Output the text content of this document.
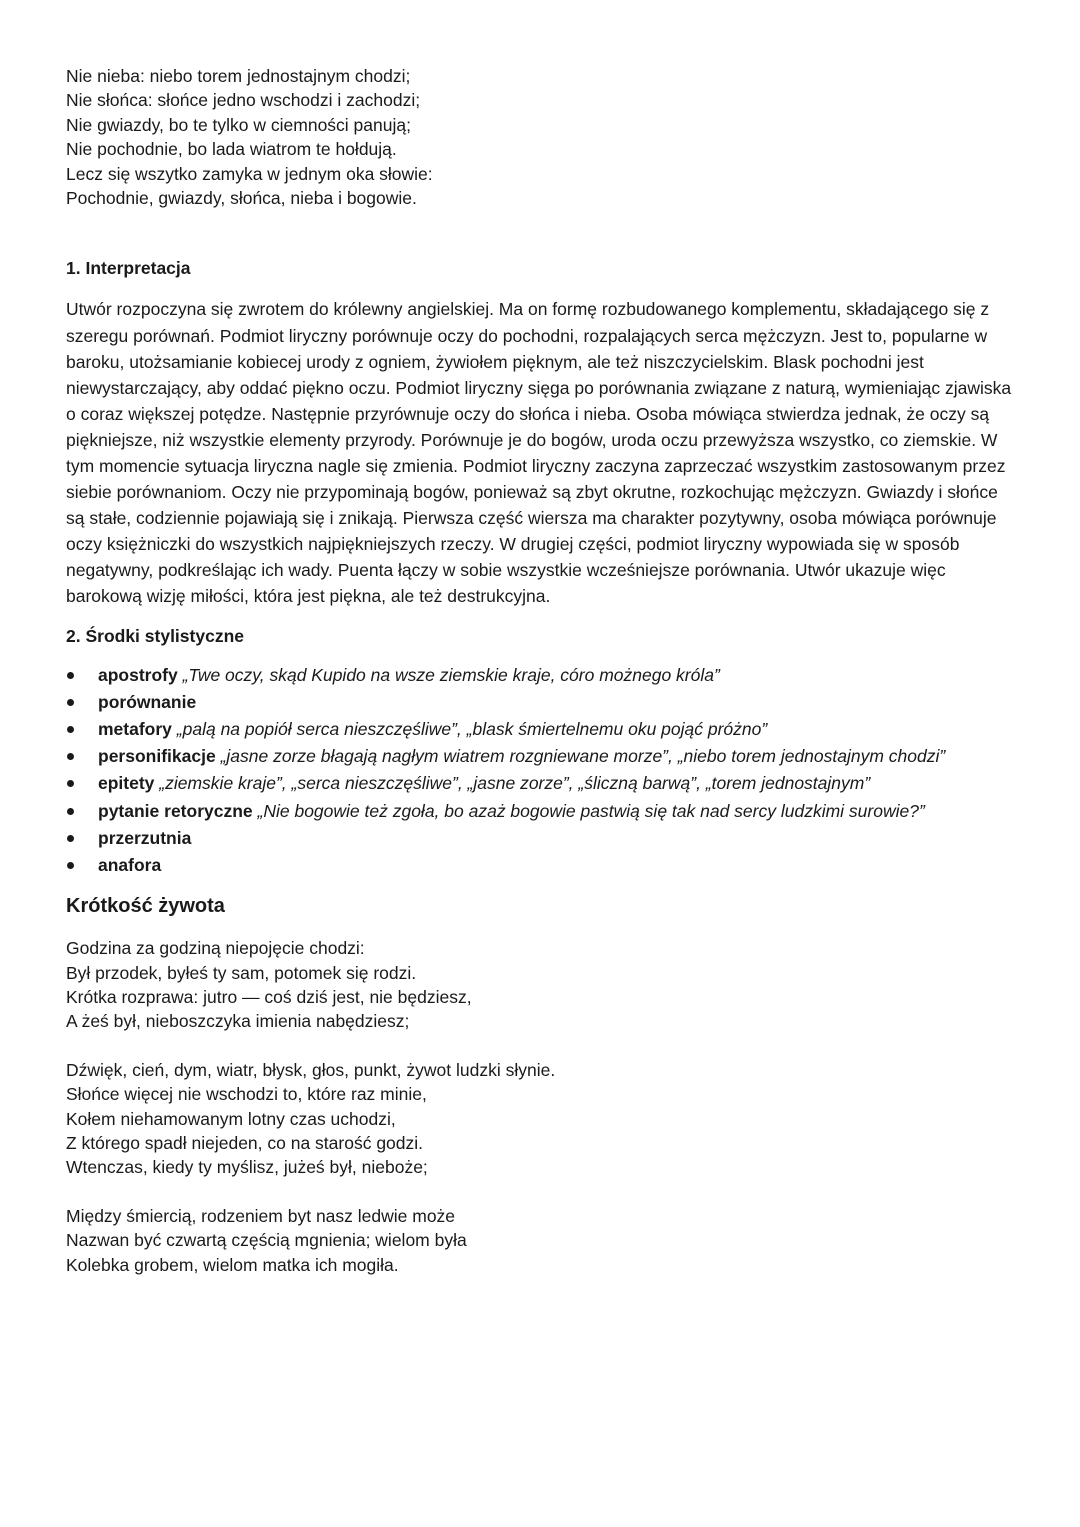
Nie nieba: niebo torem jednostajnym chodzi;
Nie słońca: słońce jedno wschodzi i zachodzi;
Nie gwiazdy, bo te tylko w ciemności panują;
Nie pochodnie, bo lada wiatrom te hołdują.
Lecz się wszytko zamyka w jednym oka słowie:
Pochodnie, gwiazdy, słońca, nieba i bogowie.

1. Interpretacja

Utwór rozpoczyna się zwrotem do królewny angielskiej. Ma on formę rozbudowanego komplementu, składającego się z szeregu porównań. Podmiot liryczny porównuje oczy do pochodni, rozpalających serca mężczyzn. Jest to, popularne w baroku, utożsamianie kobiecej urody z ogniem, żywiołem pięknym, ale też niszczycielskim. Blask pochodni jest niewystarczający, aby oddać piękno oczu. Podmiot liryczny sięga po porównania związane z naturą, wymieniając zjawiska o coraz większej potędze. Następnie przyrównuje oczy do słońca i nieba. Osoba mówiąca stwierdza jednak, że oczy są piękniejsze, niż wszystkie elementy przyrody. Porównuje je do bogów, uroda oczu przewyższa wszystko, co ziemskie. W tym momencie sytuacja liryczna nagle się zmienia. Podmiot liryczny zaczyna zaprzeczać wszystkim zastosowanym przez siebie porównaniom. Oczy nie przypominają bogów, ponieważ są zbyt okrutne, rozkochując mężczyzn. Gwiazdy i słońce są stałe, codziennie pojawiają się i znikają. Pierwsza część wiersza ma charakter pozytywny, osoba mówiąca porównuje oczy księżniczki do wszystkich najpiękniejszych rzeczy. W drugiej części, podmiot liryczny wypowiada się w sposób negatywny, podkreślając ich wady. Puenta łączy w sobie wszystkie wcześniejsze porównania. Utwór ukazuje więc barokową wizję miłości, która jest piękna, ale też destrukcyjna.

2. Środki stylistyczne

apostrofy „Twe oczy, skąd Kupido na wsze ziemskie kraje, córo możnego króla”
porównanie
metafory „palą na popiół serca nieszczęśliwe”, „blask śmiertelnemu oku pojąć próżno”
personifikacje „jasne zorze błagają nagłym wiatrem rozgniewane morze”, „niebo torem jednostajnym chodzi”
epitety „ziemskie kraje”, „serca nieszczęśliwe”, „jasne zorze”, „śliczną barwą”, „torem jednostajnym”
pytanie retoryczne „Nie bogowie też zgoła, bo azaż bogowie pastwią się tak nad sercy ludzkimi surowie?”
przerzutnia
anafora

Krótkość żywota

Godzina za godziną niepojęcie chodzi:
Był przodek, byłeś ty sam, potomek się rodzi.
Krótka rozprawa: jutro — coś dziś jest, nie będziesz,
A żeś był, nieboszczyka imienia nabędziesz;
Dźwięk, cień, dym, wiatr, błysk, głos, punkt, żywot ludzki słynie.
Słońce więcej nie wschodzi to, które raz minie,
Kołem niehamowanym lotny czas uchodzi,
Z którego spadł niejeden, co na starość godzi.
Wtenczas, kiedy ty myślisz, jużeś był, nieboże;
Między śmiercią, rodzeniem byt nasz ledwie może
Nazwan być czwartą częścią mgnienia; wielom była
Kolebka grobem, wielom matka ich mogiła.
